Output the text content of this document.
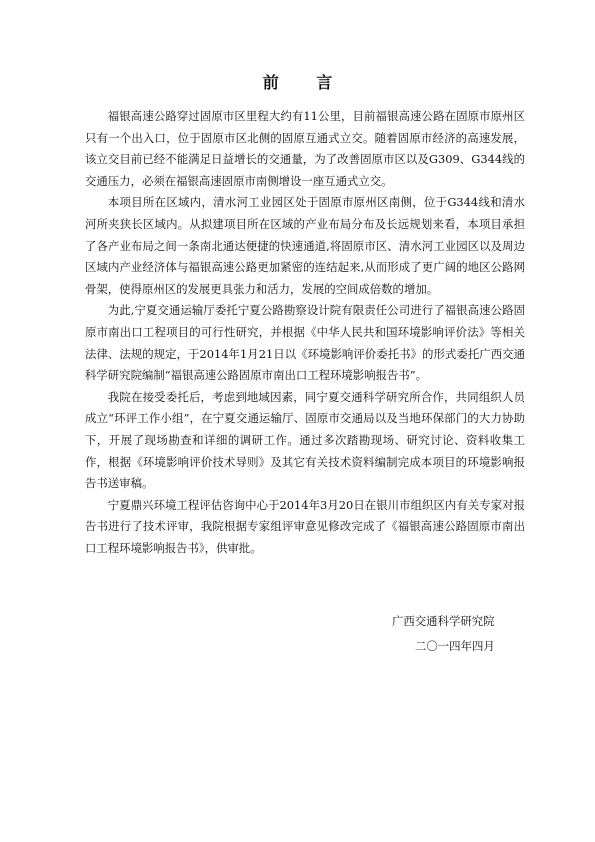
前 言

福银高速公路穿过固原市区里程大约有11公里，目前福银高速公路在固原市原州区只有一个出入口，位于固原市区北侧的固原互通式立交。随着固原市经济的高速发展，该立交目前已经不能满足日益增长的交通量，为了改善固原市区以及G309、G344线的交通压力，必须在福银高速固原市南侧增设一座互通式立交。

本项目所在区域内，清水河工业园区处于固原市原州区南侧，位于G344线和清水河所夹狭长区域内。从拟建项目所在区域的产业布局分布及长远规划来看，本项目承担了各产业布局之间一条南北通达便捷的快速通道,将固原市区、清水河工业园区以及周边区域内产业经济体与福银高速公路更加紧密的连结起来,从而形成了更广阔的地区公路网骨架，使得原州区的发展更具张力和活力，发展的空间成倍数的增加。

为此,宁夏交通运输厅委托宁夏公路勘察设计院有限责任公司进行了福银高速公路固原市南出口工程项目的可行性研究，并根据《中华人民共和国环境影响评价法》等相关法律、法规的规定，于2014年1月21日以《环境影响评价委托书》的形式委托广西交通科学研究院编制“福银高速公路固原市南出口工程环境影响报告书”。

我院在接受委托后，考虑到地域因素，同宁夏交通科学研究所合作，共同组织人员成立“环评工作小组”，在宁夏交通运输厅、固原市交通局以及当地环保部门的大力协助下，开展了现场勘查和详细的调研工作。通过多次踏勘现场、研究讨论、资料收集工作，根据《环境影响评价技术导则》及其它有关技术资料编制完成本项目的环境影响报告书送审稿。

宁夏鼎兴环境工程评估咨询中心于2014年3月20日在银川市组织区内有关专家对报告书进行了技术评审，我院根据专家组评审意见修改完成了《福银高速公路固原市南出口工程环境影响报告书》，供审批。

广西交通科学研究院
二〇一四年四月
